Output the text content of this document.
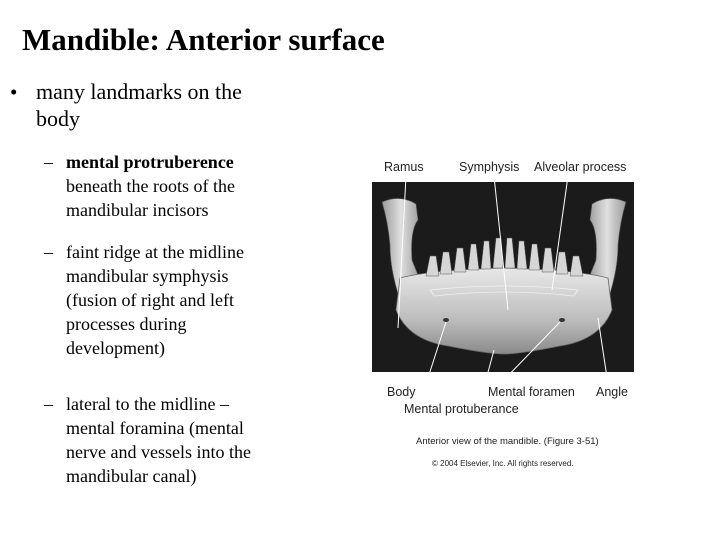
Mandible: Anterior surface
• many landmarks on the
body
– mental protruberence
beneath the roots of the
mandibular incisors
– faint ridge at the midline
mandibular symphysis
(fusion of right and left
processes during
development)
– lateral to the midline –
mental foramina (mental
nerve and vessels into the
mandibular canal)
Ramus	Symphysis Alveolar process
Body	Mental foramen Angle
Mental protuberance
Anterior view of the mandible. (Figure 3-51)
© 2004 Elsevier, Inc. All rights reserved.
